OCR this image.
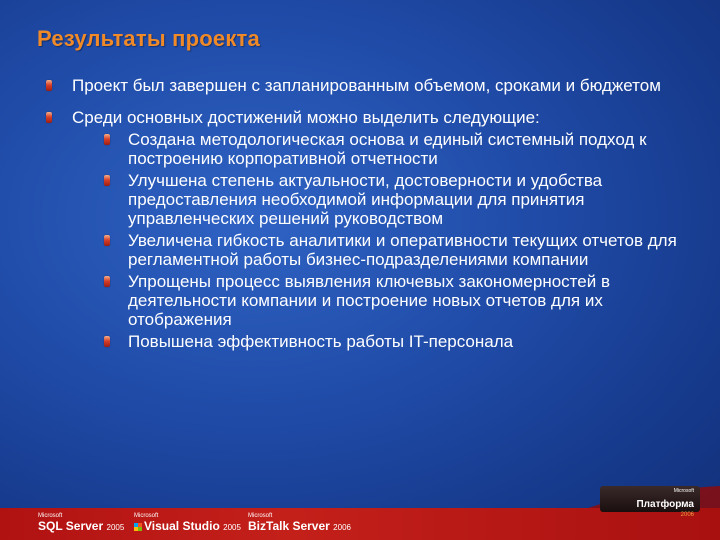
Результаты проекта
Проект был завершен с запланированным объемом, сроками и бюджетом
Среди основных достижений можно выделить следующие:
Создана методологическая основа и единый системный подход к построению корпоративной отчетности
Улучшена степень актуальности, достоверности и удобства предоставления необходимой информации для принятия управленческих решений руководством
Увеличена гибкость аналитики и оперативности текущих отчетов для регламентной работы бизнес-подразделениями компании
Упрощены процесс выявления ключевых закономерностей в деятельности компании и построение новых отчетов для их отображения
Повышена эффективность работы IT-персонала
Microsoft
SQL Server 2005
Microsoft
Visual Studio 2005
Microsoft
BizTalk Server 2006
Microsoft
Платформа
2006
